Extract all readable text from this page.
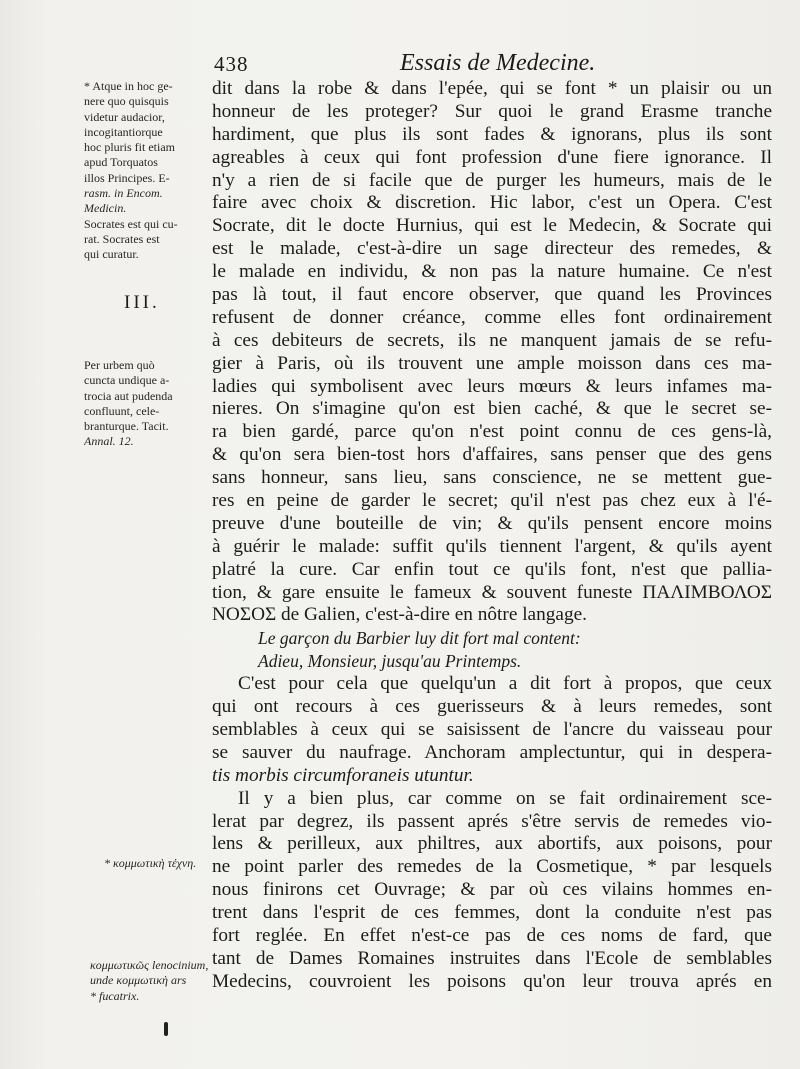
438	Essais de Medecine.
* Atque in hoc ge-
nere quo quisquis
videtur audacior,
incogitantiorque
hoc pluris fit etiam
apud Torquatos
illos Principes. E-
rasm. in Encom.
Medicin.
Socrates est qui cu-
rat. Socrates est
qui curatur.
III.
Per urbem quò
cuncta undique a-
trocia aut pudenda
confluunt, cele-
branturque. Tacit.
Annal. 12.
* κομμωτικὴ τέχνη.
κομμωτικῶς lenocinium,
unde κομμωτικὴ ars
* fucatrix.
dit dans la robe & dans l'epée, qui se font * un plaisir ou un
honneur de les proteger? Sur quoi le grand Erasme tranche
hardiment, que plus ils sont fades & ignorans, plus ils sont
agreables à ceux qui font profession d'une fiere ignorance. Il
n'y a rien de si facile que de purger les humeurs, mais de le
faire avec choix & discretion. Hic labor, c'est un Opera. C'est
Socrate, dit le docte Hurnius, qui est le Medecin, & Socrate qui
est le malade, c'est-à-dire un sage directeur des remedes, &
le malade en individu, & non pas la nature humaine. Ce n'est
pas là tout, il faut encore observer, que quand les Provinces
refusent de donner créance, comme elles font ordinairement
à ces debiteurs de secrets, ils ne manquent jamais de se refu-
gier à Paris, où ils trouvent une ample moisson dans ces ma-
ladies qui symbolisent avec leurs mœurs & leurs infames ma-
nieres. On s'imagine qu'on est bien caché, & que le secret se-
ra bien gardé, parce qu'on n'est point connu de ces gens-là,
& qu'on sera bien-tost hors d'affaires, sans penser que des gens
sans honneur, sans lieu, sans conscience, ne se mettent gue-
res en peine de garder le secret; qu'il n'est pas chez eux à l'é-
preuve d'une bouteille de vin; & qu'ils pensent encore moins
à guérir le malade: suffit qu'ils tiennent l'argent, & qu'ils ayent
platré la cure. Car enfin tout ce qu'ils font, n'est que pallia-
tion, & gare ensuite le fameux & souvent funeste ΠΑΛΙΜΒΟΛΟΣ
ΝΟΣΟΣ de Galien, c'est-à-dire en nôtre langage.
Le garçon du Barbier luy dit fort mal content:
Adieu, Monsieur, jusqu'au Printemps.
C'est pour cela que quelqu'un a dit fort à propos, que ceux
qui ont recours à ces guerisseurs & à leurs remedes, sont
semblables à ceux qui se saisissent de l'ancre du vaisseau pour
se sauver du naufrage. Anchoram amplectuntur, qui in despera-
tis morbis circumforaneis utuntur.
Il y a bien plus, car comme on se fait ordinairement sce-
lerat par degrez, ils passent aprés s'être servis de remedes vio-
lens & perilleux, aux philtres, aux abortifs, aux poisons, pour
ne point parler des remedes de la Cosmetique, * par lesquels
nous finirons cet Ouvrage; & par où ces vilains hommes en-
trent dans l'esprit de ces femmes, dont la conduite n'est pas
fort reglée. En effet n'est-ce pas de ces noms de fard, que
tant de Dames Romaines instruites dans l'Ecole de semblables
Medecins, couvroient les poisons qu'on leur trouva aprés en
